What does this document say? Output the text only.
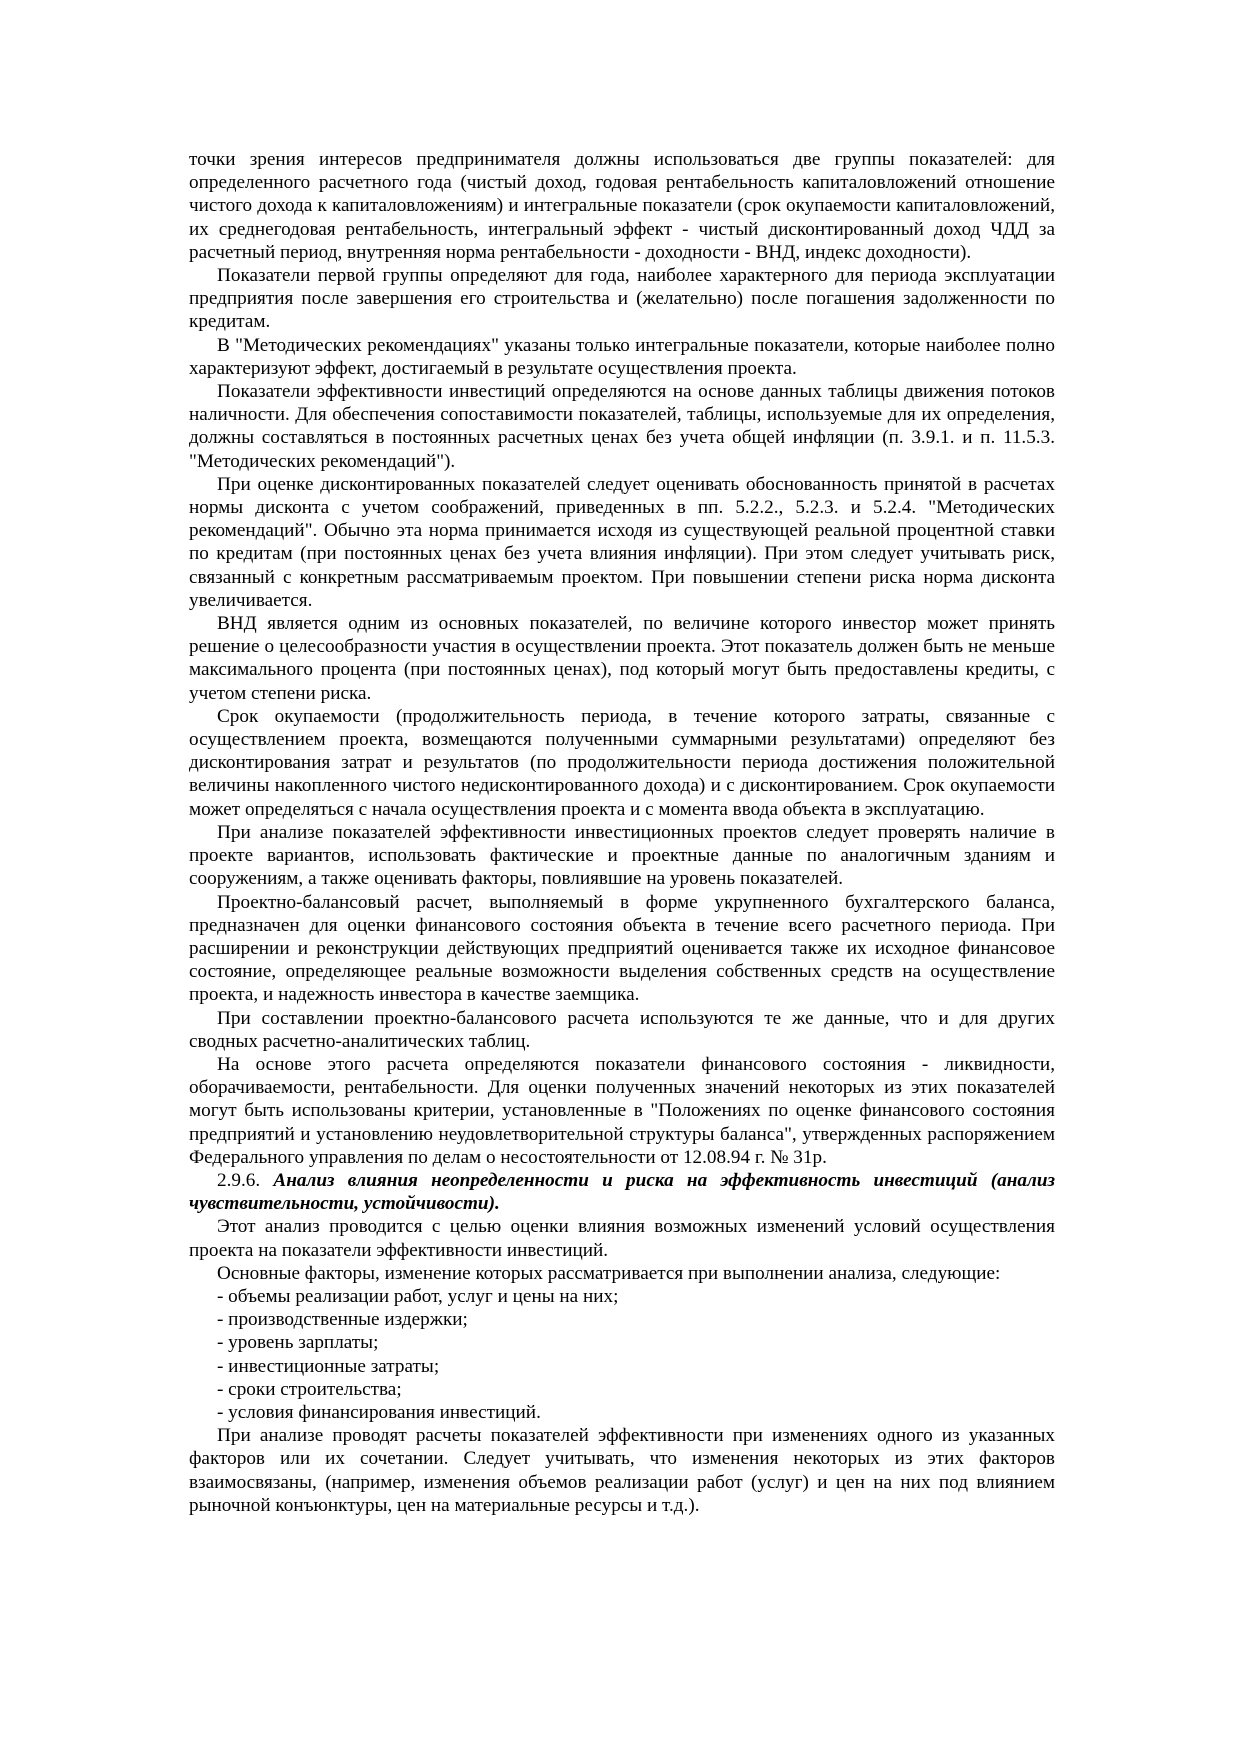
точки зрения интересов предпринимателя должны использоваться две группы показателей: для определенного расчетного года (чистый доход, годовая рентабельность капиталовложений отношение чистого дохода к капиталовложениям) и интегральные показатели (срок окупаемости капиталовложений, их среднегодовая рентабельность, интегральный эффект - чистый дисконтированный доход ЧДД за расчетный период, внутренняя норма рентабельности - доходности - ВНД, индекс доходности).

Показатели первой группы определяют для года, наиболее характерного для периода эксплуатации предприятия после завершения его строительства и (желательно) после погашения задолженности по кредитам.

В "Методических рекомендациях" указаны только интегральные показатели, которые наиболее полно характеризуют эффект, достигаемый в результате осуществления проекта.

Показатели эффективности инвестиций определяются на основе данных таблицы движения потоков наличности. Для обеспечения сопоставимости показателей, таблицы, используемые для их определения, должны составляться в постоянных расчетных ценах без учета общей инфляции (п. 3.9.1. и п. 11.5.3. "Методических рекомендаций").

При оценке дисконтированных показателей следует оценивать обоснованность принятой в расчетах нормы дисконта с учетом соображений, приведенных в пп. 5.2.2., 5.2.3. и 5.2.4. "Методических рекомендаций". Обычно эта норма принимается исходя из существующей реальной процентной ставки по кредитам (при постоянных ценах без учета влияния инфляции). При этом следует учитывать риск, связанный с конкретным рассматриваемым проектом. При повышении степени риска норма дисконта увеличивается.

ВНД является одним из основных показателей, по величине которого инвестор может принять решение о целесообразности участия в осуществлении проекта. Этот показатель должен быть не меньше максимального процента (при постоянных ценах), под который могут быть предоставлены кредиты, с учетом степени риска.

Срок окупаемости (продолжительность периода, в течение которого затраты, связанные с осуществлением проекта, возмещаются полученными суммарными результатами) определяют без дисконтирования затрат и результатов (по продолжительности периода достижения положительной величины накопленного чистого недисконтированного дохода) и с дисконтированием. Срок окупаемости может определяться с начала осуществления проекта и с момента ввода объекта в эксплуатацию.

При анализе показателей эффективности инвестиционных проектов следует проверять наличие в проекте вариантов, использовать фактические и проектные данные по аналогичным зданиям и сооружениям, а также оценивать факторы, повлиявшие на уровень показателей.

Проектно-балансовый расчет, выполняемый в форме укрупненного бухгалтерского баланса, предназначен для оценки финансового состояния объекта в течение всего расчетного периода. При расширении и реконструкции действующих предприятий оценивается также их исходное финансовое состояние, определяющее реальные возможности выделения собственных средств на осуществление проекта, и надежность инвестора в качестве заемщика.

При составлении проектно-балансового расчета используются те же данные, что и для других сводных расчетно-аналитических таблиц.

На основе этого расчета определяются показатели финансового состояния - ликвидности, оборачиваемости, рентабельности. Для оценки полученных значений некоторых из этих показателей могут быть использованы критерии, установленные в "Положениях по оценке финансового состояния предприятий и установлению неудовлетворительной структуры баланса", утвержденных распоряжением Федерального управления по делам о несостоятельности от 12.08.94 г. № 31р.

2.9.6. Анализ влияния неопределенности и риска на эффективность инвестиций (анализ чувствительности, устойчивости).

Этот анализ проводится с целью оценки влияния возможных изменений условий осуществления проекта на показатели эффективности инвестиций.

Основные факторы, изменение которых рассматривается при выполнении анализа, следующие:

- объемы реализации работ, услуг и цены на них;

- производственные издержки;

- уровень зарплаты;

- инвестиционные затраты;

- сроки строительства;

- условия финансирования инвестиций.

При анализе проводят расчеты показателей эффективности при изменениях одного из указанных факторов или их сочетании. Следует учитывать, что изменения некоторых из этих факторов взаимосвязаны, (например, изменения объемов реализации работ (услуг) и цен на них под влиянием рыночной конъюнктуры, цен на материальные ресурсы и т.д.).
